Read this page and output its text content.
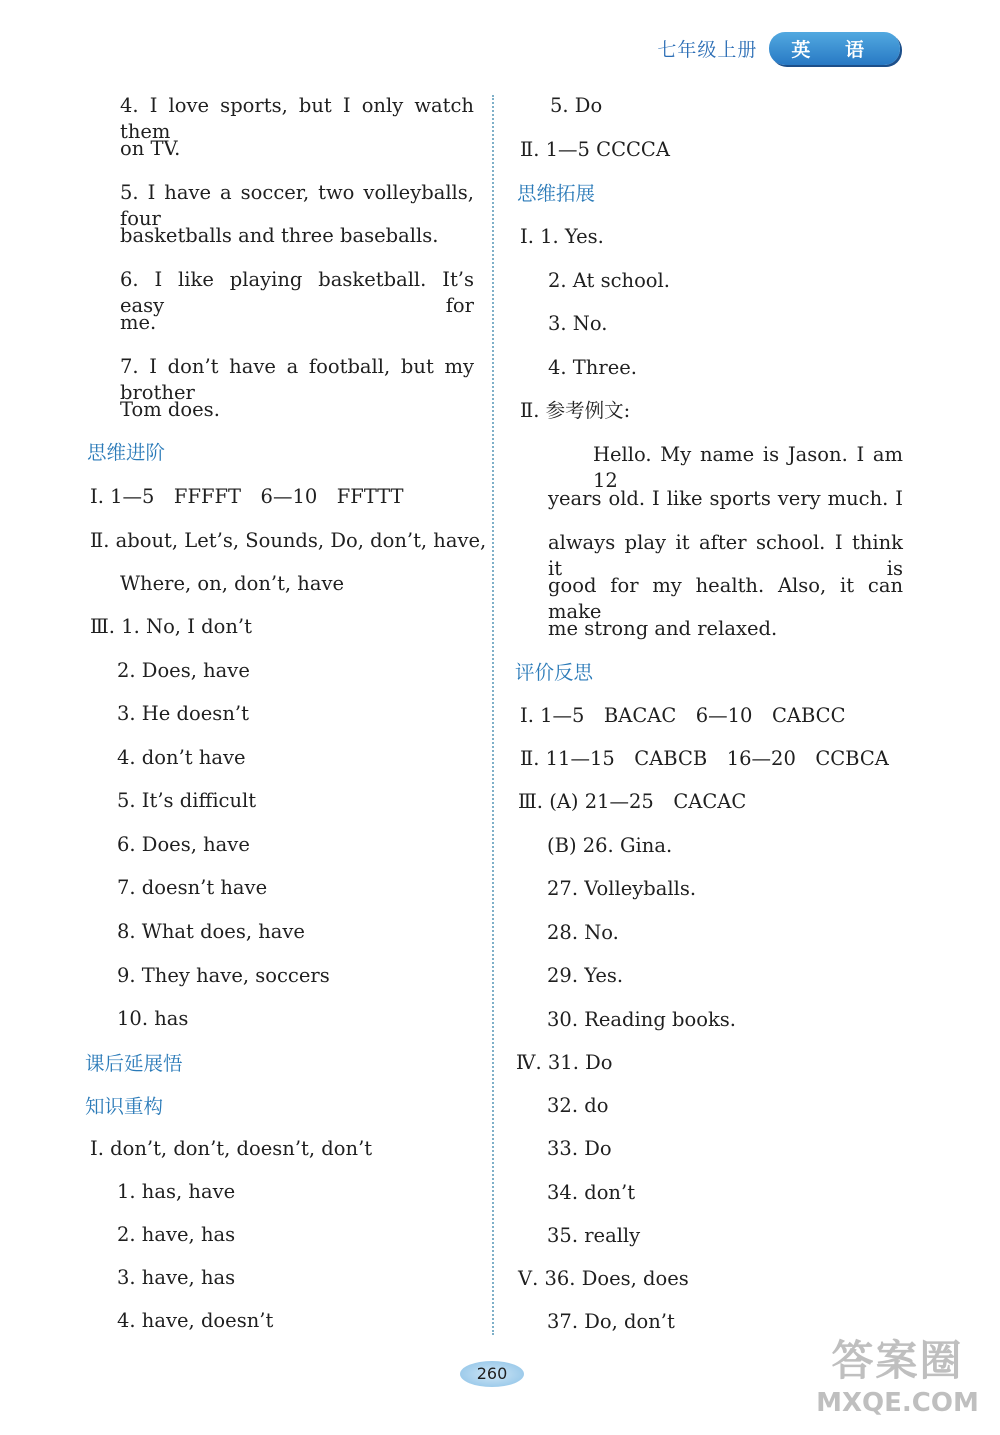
七年级上册	英 语
4. I love sports, but I only watch them
on TV.
5. I have a soccer, two volleyballs, four
basketballs and three baseballs.
6. I like playing basketball. It’s easy for
me.
7. I don’t have a football, but my brother
Tom does.
思维进阶
Ⅰ. 1—5　FFFFT　6—10　FFTTT
Ⅱ. about, Let’s, Sounds, Do, don’t, have,
Where, on, don’t, have
Ⅲ. 1. No, I don’t
2. Does, have
3. He doesn’t
4. don’t have
5. It’s difficult
6. Does, have
7. doesn’t have
8. What does, have
9. They have, soccers
10. has
课后延展悟
知识重构
Ⅰ. don’t, don’t, doesn’t, don’t
1. has, have
2. have, has
3. have, has
4. have, doesn’t
5. Do
Ⅱ. 1—5 CCCCA
思维拓展
Ⅰ. 1. Yes.
2. At school.
3. No.
4. Three.
Ⅱ. 参考例文:
Hello. My name is Jason. I am 12
years old. I like sports very much. I
always play it after school. I think it is
good for my health. Also, it can make
me strong and relaxed.
评价反思
Ⅰ. 1—5　BACAC　6—10　CABCC
Ⅱ. 11—15　CABCB　16—20　CCBCA
Ⅲ. (A) 21—25　CACAC
(B) 26. Gina.
27. Volleyballs.
28. No.
29. Yes.
30. Reading books.
Ⅳ. 31. Do
32. do
33. Do
34. don’t
35. really
Ⅴ. 36. Does, does
37. Do, don’t
260	答案圈
MXQE.COM
